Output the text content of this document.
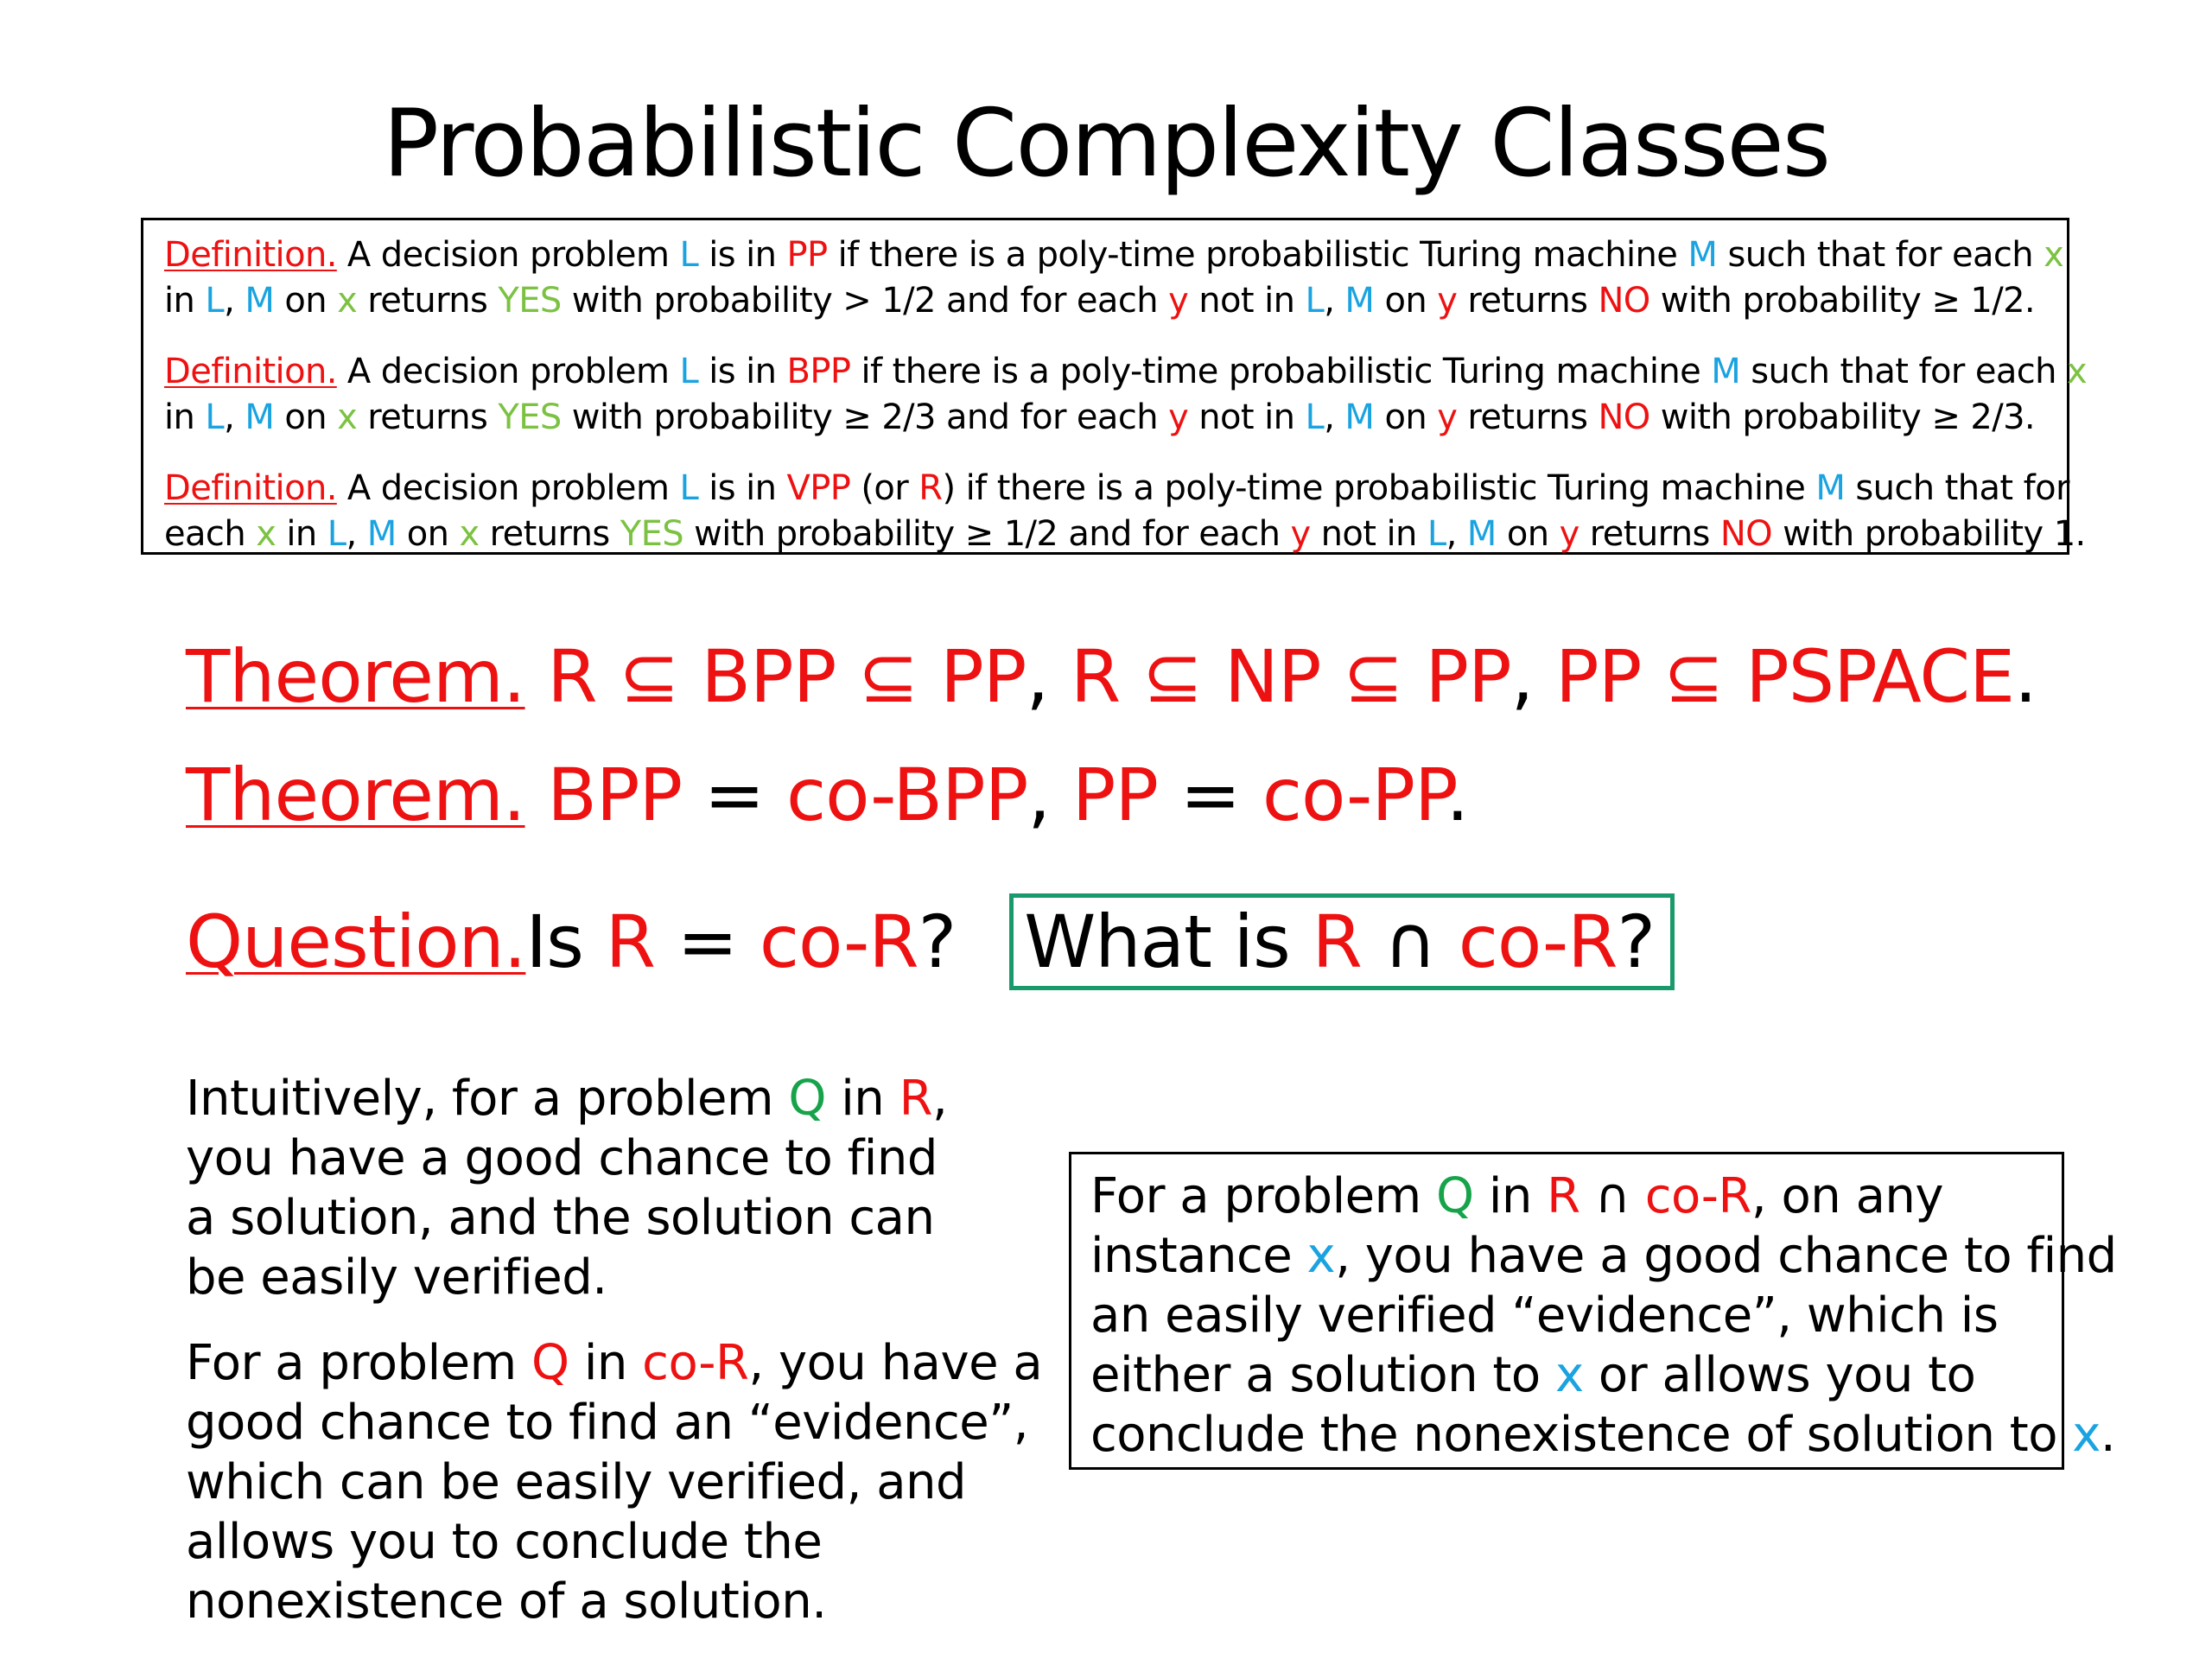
Probabilistic Complexity Classes
Definition. A decision problem L is in PP if there is a poly-time probabilistic Turing machine M such that for each x
in L, M on x returns YES with probability > 1/2 and for each y not in L, M on y returns NO with probability ≥ 1/2.
Definition. A decision problem L is in BPP if there is a poly-time probabilistic Turing machine M such that for each x
in L, M on x returns YES with probability ≥ 2/3 and for each y not in L, M on y returns NO with probability ≥ 2/3.
Definition. A decision problem L is in VPP (or R) if there is a poly-time probabilistic Turing machine M such that for
each x in L, M on x returns YES with probability ≥ 1/2 and for each y not in L, M on y returns NO with probability 1.
Theorem. R ⊆ BPP ⊆ PP, R ⊆ NP ⊆ PP, PP ⊆ PSPACE.
Theorem. BPP = co-BPP, PP = co-PP.
Question. Is R = co-R? What is R ∩ co-R?
Intuitively, for a problem Q in R,
you have a good chance to find
a solution, and the solution can
be easily verified.
For a problem Q in co-R, you have a
good chance to find an “evidence”,
which can be easily verified, and
allows you to conclude the
nonexistence of a solution.
For a problem Q in R ∩ co-R, on any
instance x, you have a good chance to find
an easily verified “evidence”, which is
either a solution to x or allows you to
conclude the nonexistence of solution to x.
